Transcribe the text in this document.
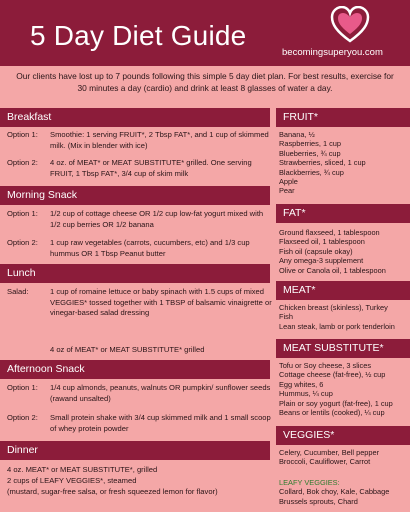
5 Day Diet Guide
becomingsuperyou.com
Our clients have lost up to 7 pounds following this simple 5 day diet plan. For best results, exercise for 30 minutes a day (cardio) and drink at least 8 glasses of water a day.
Breakfast
Option 1: Smoothie: 1 serving FRUIT*, 2 Tbsp FAT*, and 1 cup of skimmed milk. (Mix in blender with ice)
Option 2: 4 oz. of MEAT* or MEAT SUBSTITUTE* grilled. One serving FRUIT, 1 Tbsp FAT*, 3/4 cup of skim milk
Morning Snack
Option 1: 1/2 cup of cottage cheese OR 1/2 cup low-fat yogurt mixed with 1/2 cup berries OR 1/2 banana
Option 2: 1 cup raw vegetables (carrots, cucumbers, etc) and 1/3 cup hummus OR 1 Tbsp Peanut butter
Lunch
Salad:	1 cup of romaine lettuce or baby spinach with 1.5 cups of mixed VEGGIES* tossed together with 1 TBSP of balsamic vinaigrette or vinegar-based salad dressing
4 oz of MEAT* or MEAT SUBSTITUTE* grilled
Afternoon Snack
Option 1: 1/4 cup almonds, peanuts, walnuts OR pumpkin/ sunflower seeds (rawand unsalted)
Option 2: Small protein shake with 3/4 cup skimmed milk and 1 small scoop of whey protein powder
Dinner
4 oz. MEAT* or MEAT SUBSTITUTE*, grilled
2 cups of LEAFY VEGGIES*, steamed
(mustard, sugar-free salsa, or fresh squeezed lemon for flavor)
FRUIT*
Banana, ½
Raspberries, 1 cup
Blueberries, ¾ cup
Strawberries, sliced, 1 cup
Blackberries, ¾ cup
Apple
Pear
FAT*
Ground flaxseed, 1 tablespoon
Flaxseed oil, 1 tablespoon
Fish oil (capsule okay)
Any omega-3 supplement
Olive or Canola oil, 1 tablespoon
MEAT*
Chicken breast (skinless), Turkey
Fish
Lean steak, lamb or pork tenderloin
MEAT SUBSTITUTE*
Tofu or Soy cheese, 3 slices
Cottage cheese (fat-free), ½ cup
Egg whites, 6
Hummus, ¼ cup
Plain or soy yogurt (fat-free), 1 cup
Beans or lentils (cooked), ¼ cup
VEGGIES*
Celery, Cucumber, Bell pepper
Broccoli, Cauliflower, Carrot
LEAFY VEGGIES:
Collard, Bok choy, Kale, Cabbage
Brussels sprouts, Chard
